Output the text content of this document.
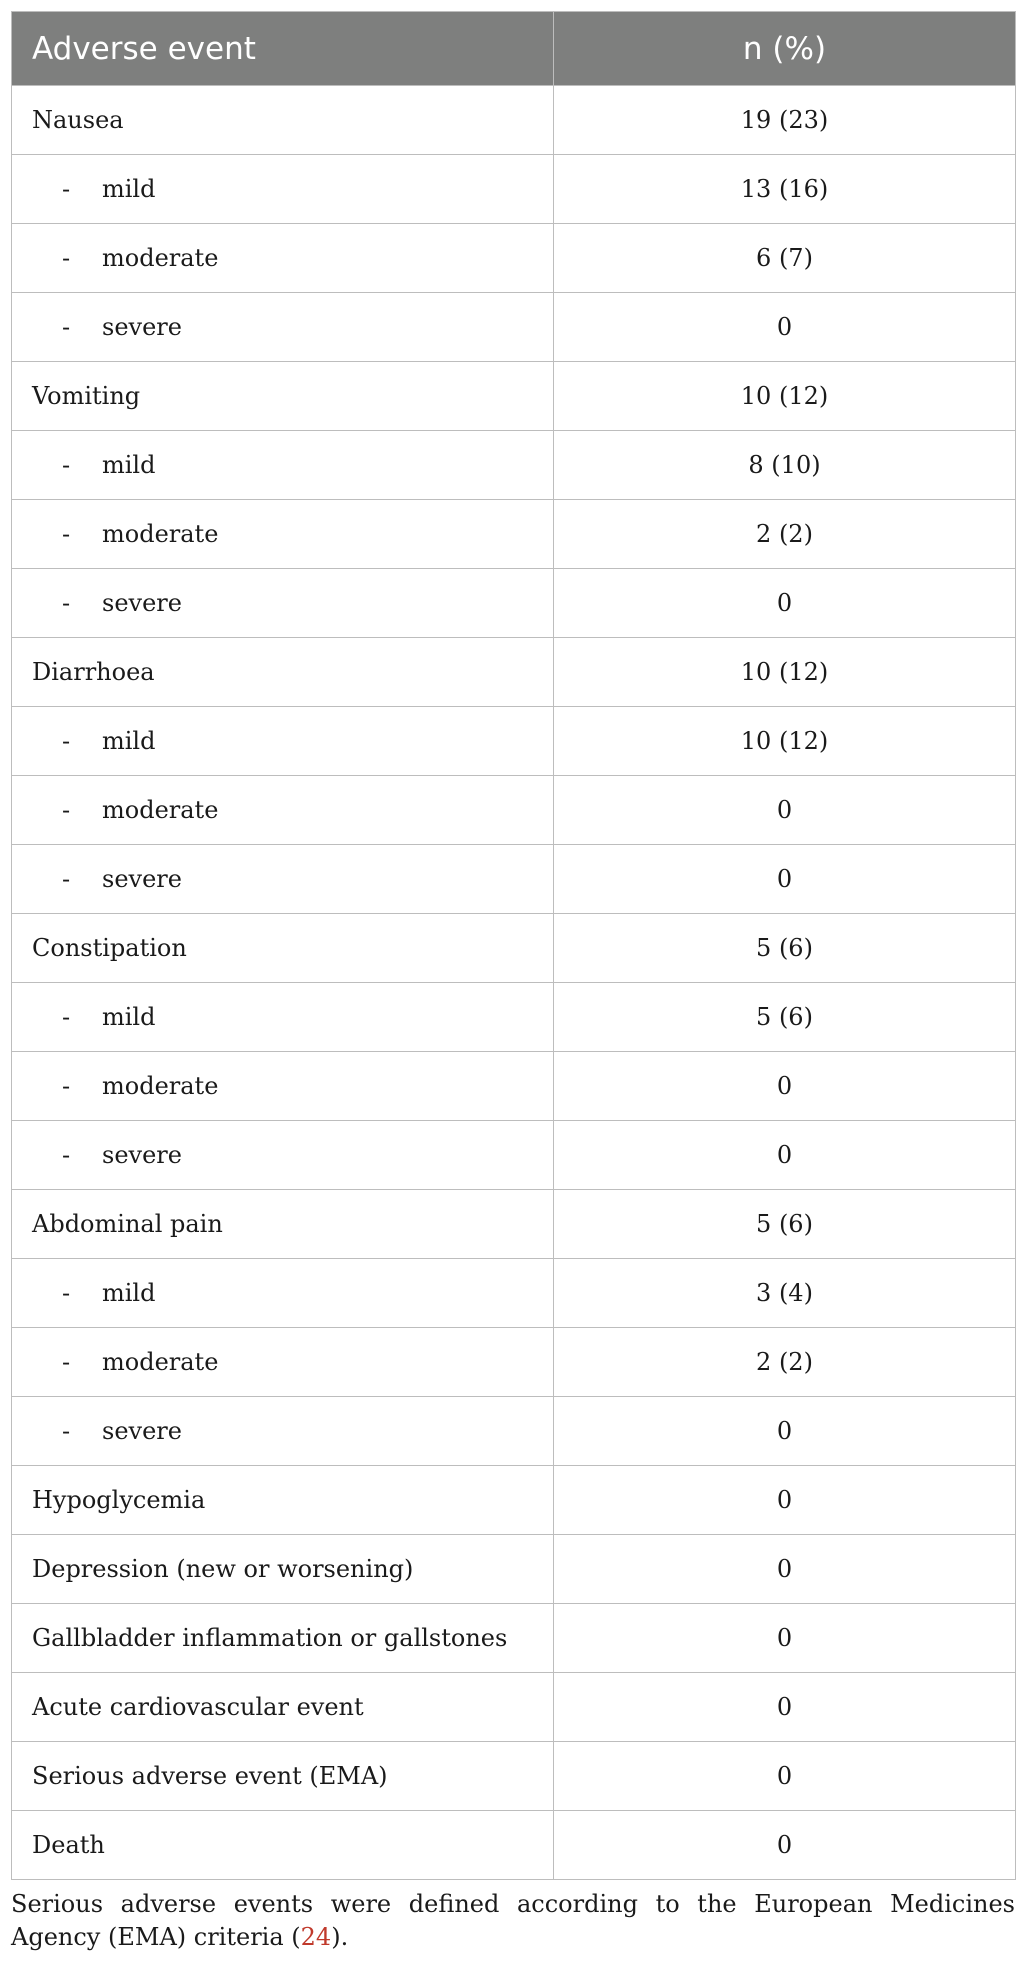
Adverse event	n (%)
Nausea	19 (23)
- mild	13 (16)
- moderate	6 (7)
- severe	0
Vomiting	10 (12)
- mild	8 (10)
- moderate	2 (2)
- severe	0
Diarrhoea	10 (12)
- mild	10 (12)
- moderate	0
- severe	0
Constipation	5 (6)
- mild	5 (6)
- moderate	0
- severe	0
Abdominal pain	5 (6)
- mild	3 (4)
- moderate	2 (2)
- severe	0
Hypoglycemia	0
Depression (new or worsening)	0
Gallbladder inflammation or gallstones	0
Acute cardiovascular event	0
Serious adverse event (EMA)	0
Death	0
Serious adverse events were defined according to the European Medicines Agency (EMA) criteria (24).
